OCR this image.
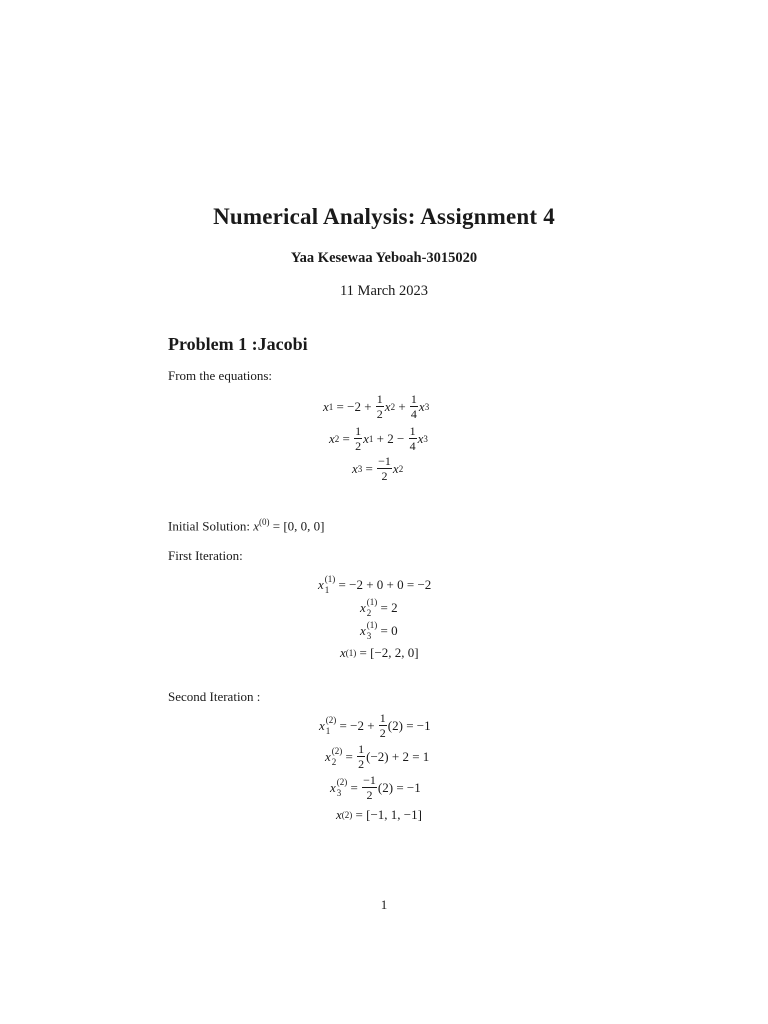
Numerical Analysis: Assignment 4
Yaa Kesewaa Yeboah-3015020
11 March 2023
Problem 1 :Jacobi
From the equations:
x 1
= −2 +
$\frac{1}{2}$ x $2 + \frac{1}{4}$ x 3
x 2
=
$\frac{1}{2}$ x 1
+ 2 −
$\frac{1}{4}$ x 3
x 3
=
$\frac{-1}{2}$ x 2
Initial Solution: $x^{(0)} = [0$, 0, 0]
First Iteration:
x (1)
1
= −2 + 0 + 0 = −2
x (1)
2
= 2
x (1)
3
= 0
x (1)
= [−2, 2, 0]
Second Iteration :
x (2)
$1 = -2 + \frac{1}{2} (2) = -1$
x (2)
$2 = \frac{1}{2} (-2) + 2 = 1$
x (2)
$3 = \frac{-1}{2} (2) = -1$
x (2)
= [−1, 1, −1]
1
